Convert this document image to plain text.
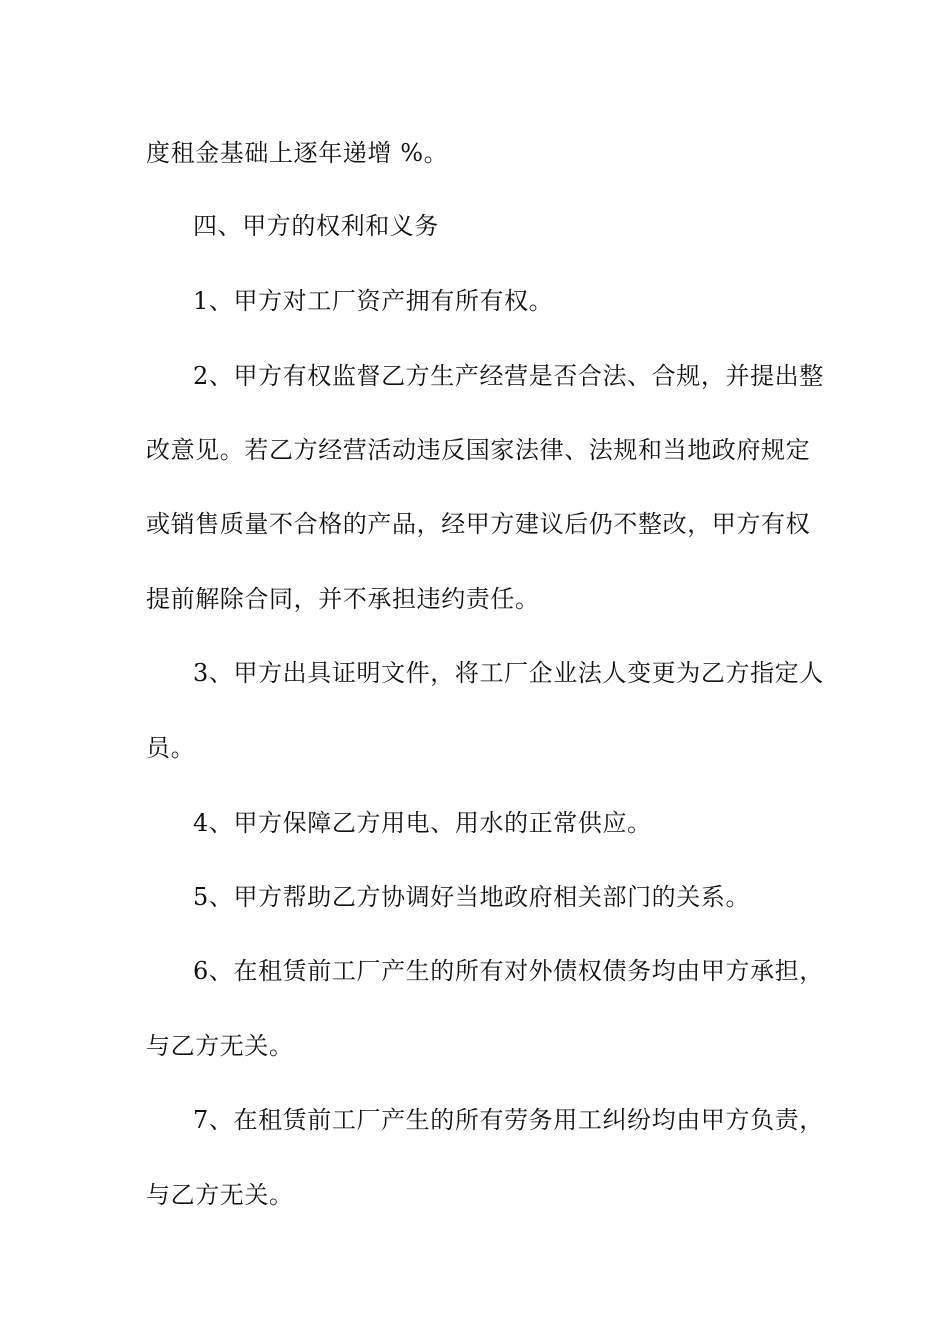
度租金基础上逐年递增 %。
四、甲方的权利和义务
1、甲方对工厂资产拥有所有权。
2、甲方有权监督乙方生产经营是否合法、合规，并提出整
改意见。若乙方经营活动违反国家法律、法规和当地政府规定
或销售质量不合格的产品，经甲方建议后仍不整改，甲方有权
提前解除合同，并不承担违约责任。
3、甲方出具证明文件，将工厂企业法人变更为乙方指定人
员。
4、甲方保障乙方用电、用水的正常供应。
5、甲方帮助乙方协调好当地政府相关部门的关系。
6、在租赁前工厂产生的所有对外债权债务均由甲方承担，
与乙方无关。
7、在租赁前工厂产生的所有劳务用工纠纷均由甲方负责，
与乙方无关。
